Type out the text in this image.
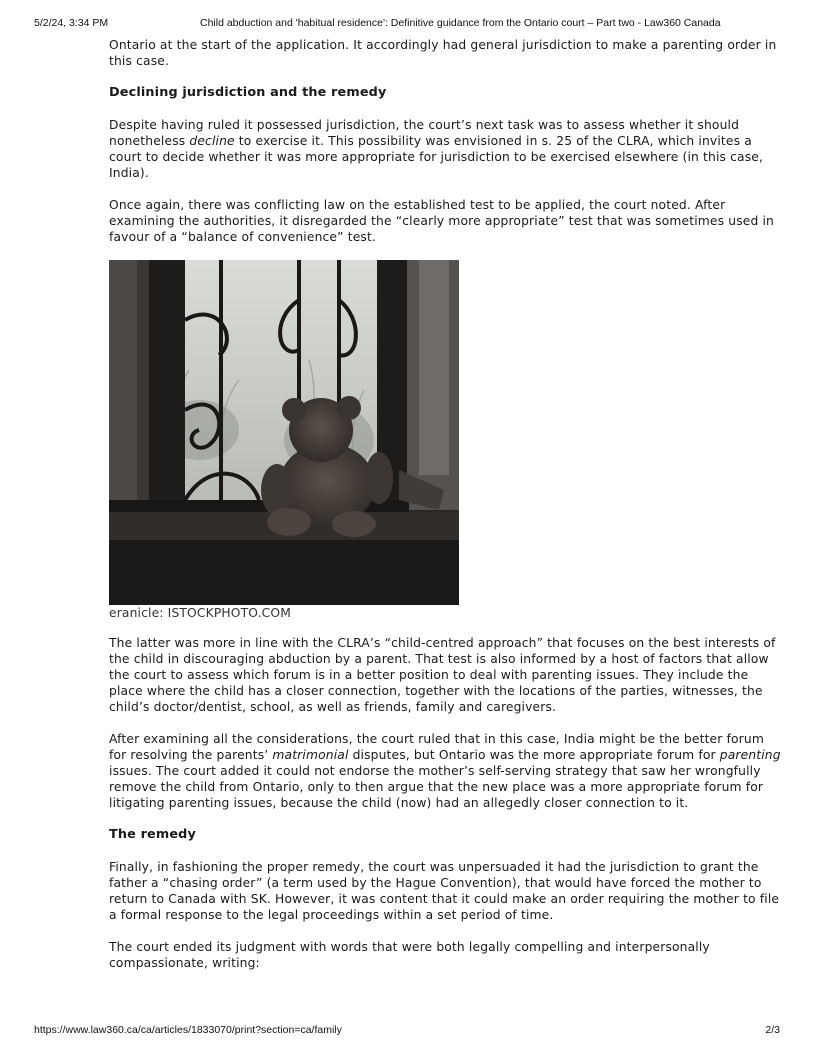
5/2/24, 3:34 PM	Child abduction and 'habitual residence': Definitive guidance from the Ontario court – Part two - Law360 Canada

Ontario at the start of the application. It accordingly had general jurisdiction to make a parenting order in this case.

Declining jurisdiction and the remedy

Despite having ruled it possessed jurisdiction, the court’s next task was to assess whether it should nonetheless decline to exercise it. This possibility was envisioned in s. 25 of the CLRA, which invites a court to decide whether it was more appropriate for jurisdiction to be exercised elsewhere (in this case, India).

Once again, there was conflicting law on the established test to be applied, the court noted. After examining the authorities, it disregarded the “clearly more appropriate” test that was sometimes used in favour of a “balance of convenience” test.

eranicle: ISTOCKPHOTO.COM

The latter was more in line with the CLRA’s “child-centred approach” that focuses on the best interests of the child in discouraging abduction by a parent. That test is also informed by a host of factors that allow the court to assess which forum is in a better position to deal with parenting issues. They include the place where the child has a closer connection, together with the locations of the parties, witnesses, the child’s doctor/dentist, school, as well as friends, family and caregivers.

After examining all the considerations, the court ruled that in this case, India might be the better forum for resolving the parents’ matrimonial disputes, but Ontario was the more appropriate forum for parenting issues. The court added it could not endorse the mother’s self-serving strategy that saw her wrongfully remove the child from Ontario, only to then argue that the new place was a more appropriate forum for litigating parenting issues, because the child (now) had an allegedly closer connection to it.

The remedy

Finally, in fashioning the proper remedy, the court was unpersuaded it had the jurisdiction to grant the father a “chasing order” (a term used by the Hague Convention), that would have forced the mother to return to Canada with SK. However, it was content that it could make an order requiring the mother to file a formal response to the legal proceedings within a set period of time.

The court ended its judgment with words that were both legally compelling and interpersonally compassionate, writing:

https://www.law360.ca/ca/articles/1833070/print?section=ca/family	2/3
